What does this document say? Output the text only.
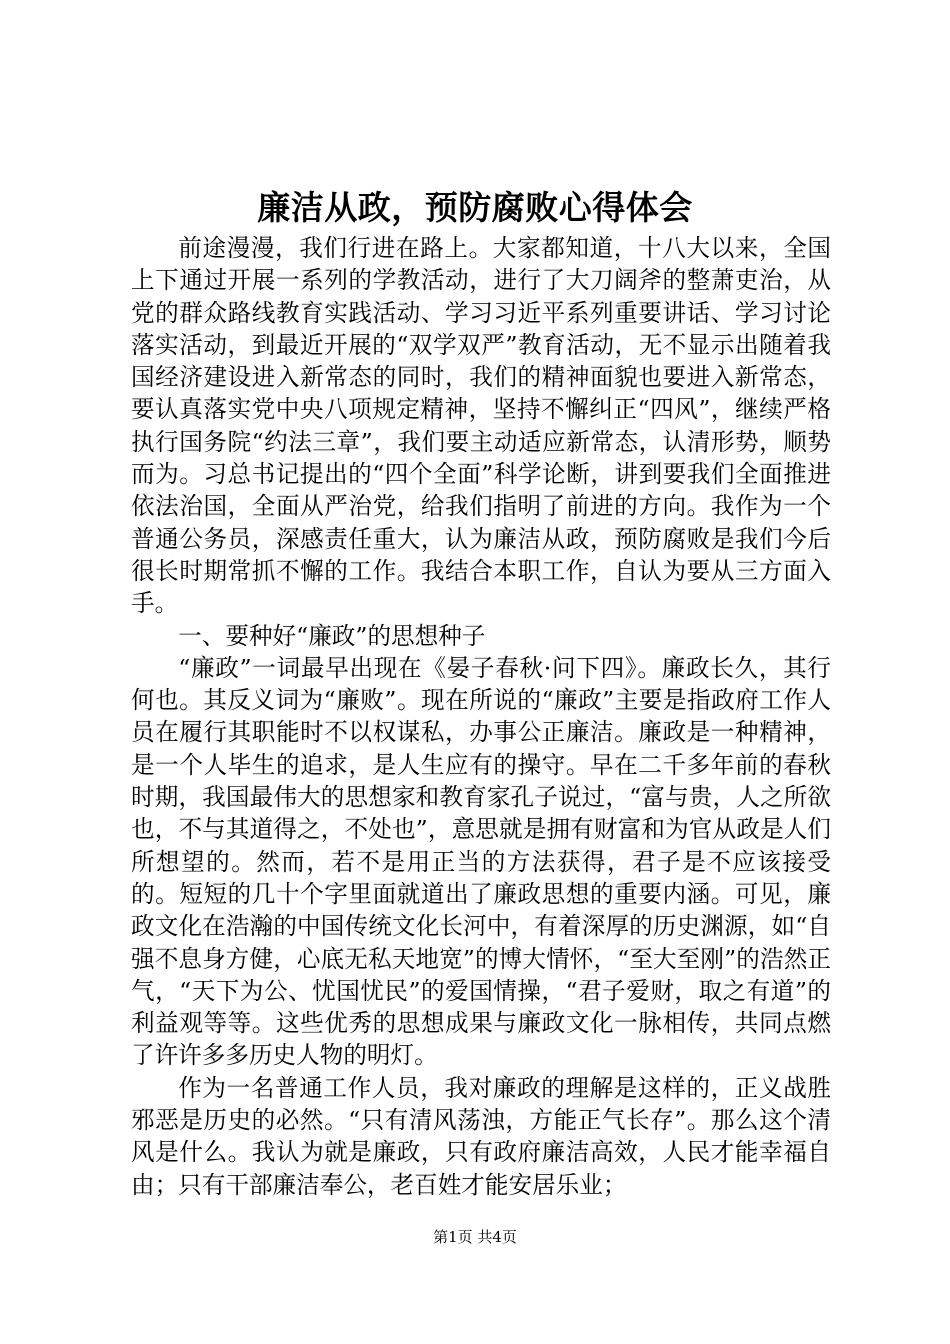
廉洁从政，预防腐败心得体会

前途漫漫，我们行进在路上。大家都知道，十八大以来，全国上下通过开展一系列的学教活动，进行了大刀阔斧的整萧吏治，从党的群众路线教育实践活动、学习习近平系列重要讲话、学习讨论落实活动，到最近开展的“双学双严”教育活动，无不显示出随着我国经济建设进入新常态的同时，我们的精神面貌也要进入新常态，要认真落实党中央八项规定精神，坚持不懈纠正“四风”，继续严格执行国务院“约法三章”，我们要主动适应新常态，认清形势，顺势而为。习总书记提出的“四个全面”科学论断，讲到要我们全面推进依法治国，全面从严治党，给我们指明了前进的方向。我作为一个普通公务员，深感责任重大，认为廉洁从政，预防腐败是我们今后很长时期常抓不懈的工作。我结合本职工作，自认为要从三方面入手。

一、要种好“廉政”的思想种子

“廉政”一词最早出现在《晏子春秋·问下四》。廉政长久，其行何也。其反义词为“廉败”。现在所说的“廉政”主要是指政府工作人员在履行其职能时不以权谋私，办事公正廉洁。廉政是一种精神，是一个人毕生的追求，是人生应有的操守。早在二千多年前的春秋时期，我国最伟大的思想家和教育家孔子说过，“富与贵，人之所欲也，不与其道得之，不处也”，意思就是拥有财富和为官从政是人们所想望的。然而，若不是用正当的方法获得，君子是不应该接受的。短短的几十个字里面就道出了廉政思想的重要内涵。可见，廉政文化在浩瀚的中国传统文化长河中，有着深厚的历史渊源，如“自强不息身方健，心底无私天地宽”的博大情怀，“至大至刚”的浩然正气，“天下为公、忧国忧民”的爱国情操，“君子爱财，取之有道”的利益观等等。这些优秀的思想成果与廉政文化一脉相传，共同点燃了许许多多历史人物的明灯。

作为一名普通工作人员，我对廉政的理解是这样的，正义战胜邪恶是历史的必然。“只有清风荡浊，方能正气长存”。那么这个清风是什么。我认为就是廉政，只有政府廉洁高效，人民才能幸福自由；只有干部廉洁奉公，老百姓才能安居乐业；

第1页 共4页
